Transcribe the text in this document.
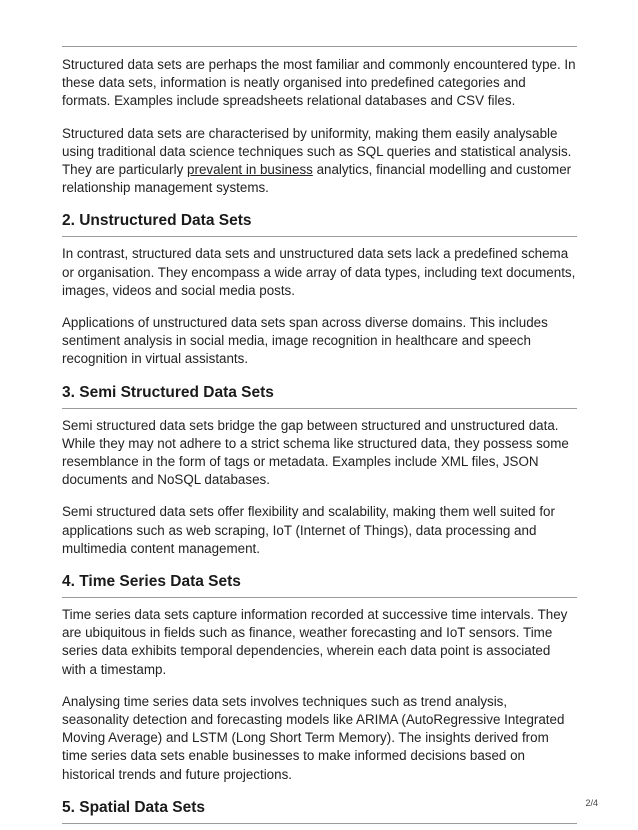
Structured data sets are perhaps the most familiar and commonly encountered type. In these data sets, information is neatly organised into predefined categories and formats. Examples include spreadsheets relational databases and CSV files.

Structured data sets are characterised by uniformity, making them easily analysable using traditional data science techniques such as SQL queries and statistical analysis. They are particularly prevalent in business analytics, financial modelling and customer relationship management systems.

2. Unstructured Data Sets

In contrast, structured data sets and unstructured data sets lack a predefined schema or organisation. They encompass a wide array of data types, including text documents, images, videos and social media posts.

Applications of unstructured data sets span across diverse domains. This includes sentiment analysis in social media, image recognition in healthcare and speech recognition in virtual assistants.

3. Semi Structured Data Sets

Semi structured data sets bridge the gap between structured and unstructured data. While they may not adhere to a strict schema like structured data, they possess some resemblance in the form of tags or metadata. Examples include XML files, JSON documents and NoSQL databases.

Semi structured data sets offer flexibility and scalability, making them well suited for applications such as web scraping, IoT (Internet of Things), data processing and multimedia content management.

4. Time Series Data Sets

Time series data sets capture information recorded at successive time intervals. They are ubiquitous in fields such as finance, weather forecasting and IoT sensors. Time series data exhibits temporal dependencies, wherein each data point is associated with a timestamp.

Analysing time series data sets involves techniques such as trend analysis, seasonality detection and forecasting models like ARIMA (AutoRegressive Integrated Moving Average) and LSTM (Long Short Term Memory). The insights derived from time series data sets enable businesses to make informed decisions based on historical trends and future projections.

5. Spatial Data Sets	2/4
